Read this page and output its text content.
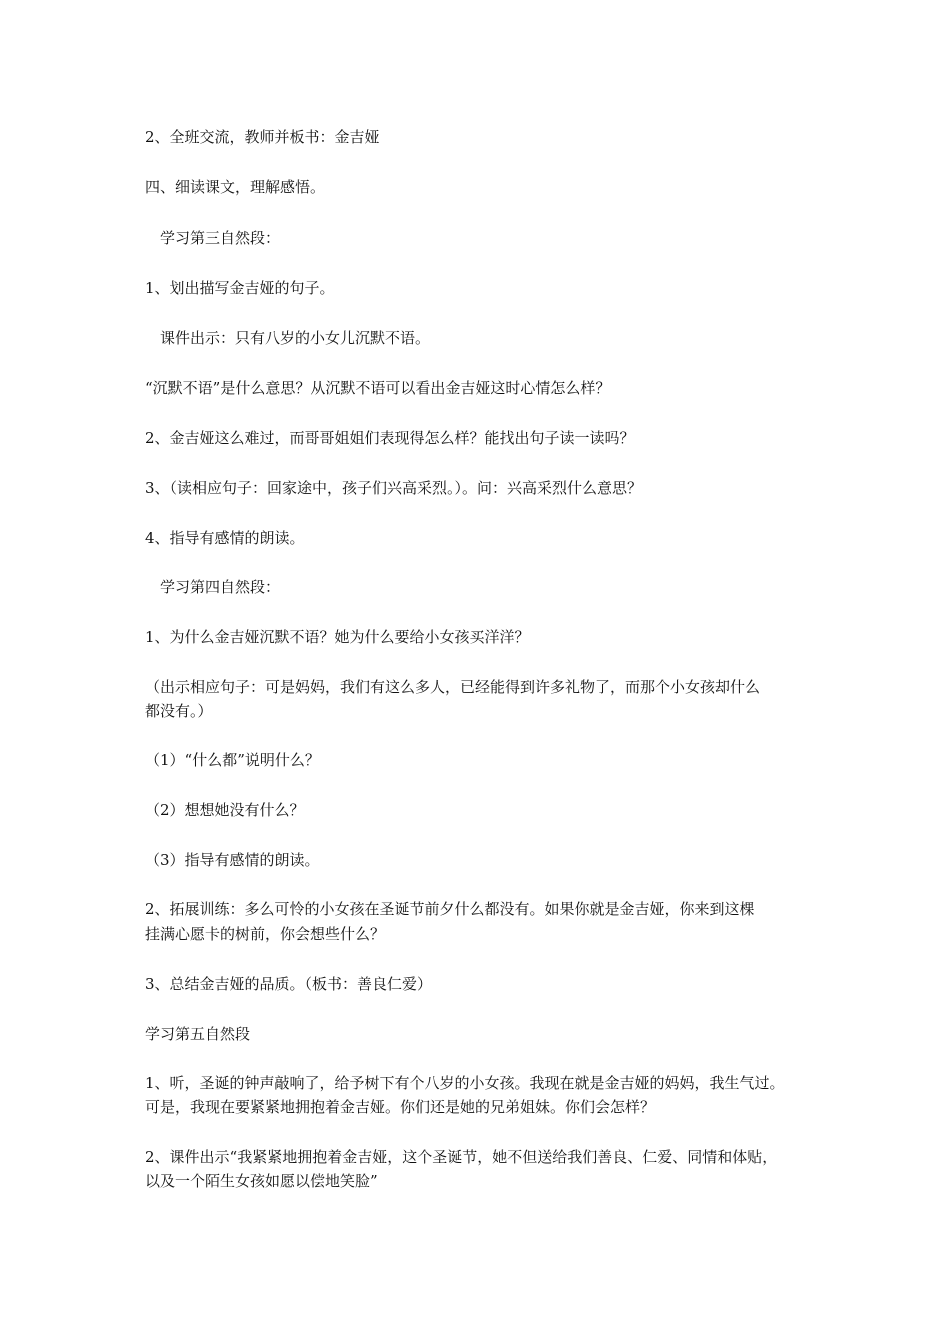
2、全班交流，教师并板书：金吉娅
四、细读课文，理解感悟。
学习第三自然段：
1、划出描写金吉娅的句子。
课件出示：只有八岁的小女儿沉默不语。
“沉默不语”是什么意思？从沉默不语可以看出金吉娅这时心情怎么样？
2、金吉娅这么难过，而哥哥姐姐们表现得怎么样？能找出句子读一读吗？
3、（读相应句子：回家途中，孩子们兴高采烈。）。问：兴高采烈什么意思？
4、指导有感情的朗读。
学习第四自然段：
1、为什么金吉娅沉默不语？她为什么要给小女孩买洋洋？
（出示相应句子：可是妈妈，我们有这么多人，已经能得到许多礼物了，而那个小女孩却什么
都没有。）
（1）“什么都”说明什么？
（2）想想她没有什么？
（3）指导有感情的朗读。
2、拓展训练：多么可怜的小女孩在圣诞节前夕什么都没有。如果你就是金吉娅，你来到这棵
挂满心愿卡的树前，你会想些什么？
3、总结金吉娅的品质。（板书：善良仁爱）
学习第五自然段
1、听，圣诞的钟声敲响了，给予树下有个八岁的小女孩。我现在就是金吉娅的妈妈，我生气过。
可是，我现在要紧紧地拥抱着金吉娅。你们还是她的兄弟姐妹。你们会怎样？
2、课件出示“我紧紧地拥抱着金吉娅，这个圣诞节，她不但送给我们善良、仁爱、同情和体贴，
以及一个陌生女孩如愿以偿地笑脸”
